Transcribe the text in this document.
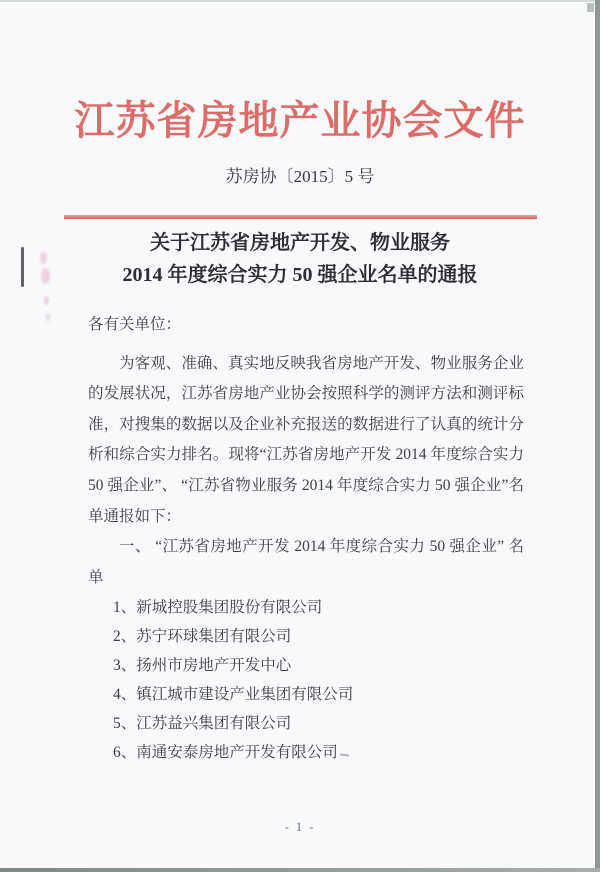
江苏省房地产业协会文件
苏房协〔2015〕5 号
关于江苏省房地产开发、物业服务
2014 年度综合实力 50 强企业名单的通报
各有关单位：

为客观、准确、真实地反映我省房地产开发、物业服务企业的发展状况，江苏省房地产业协会按照科学的测评方法和测评标准，对搜集的数据以及企业补充报送的数据进行了认真的统计分析和综合实力排名。现将“江苏省房地产开发 2014 年度综合实力 50 强企业”、 “江苏省物业服务 2014 年度综合实力 50 强企业”名单通报如下：

一、 “江苏省房地产开发 2014 年度综合实力 50 强企业” 名单

1、新城控股集团股份有限公司
2、苏宁环球集团有限公司
3、扬州市房地产开发中心
4、镇江城市建设产业集团有限公司
5、江苏益兴集团有限公司
6、南通安泰房地产开发有限公司
- 1 -
